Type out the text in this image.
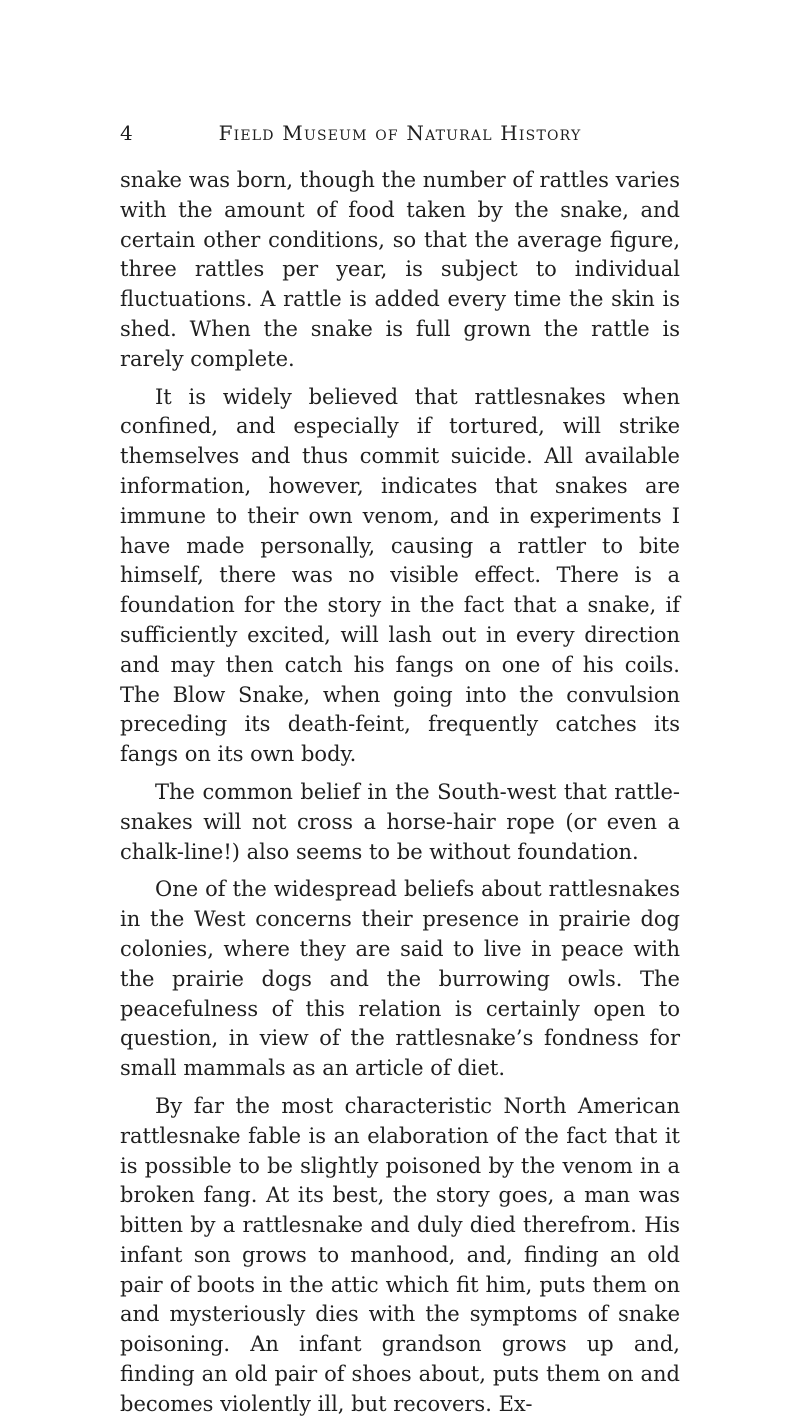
4	Field Museum of Natural History

snake was born, though the number of rattles varies with the amount of food taken by the snake, and certain other conditions, so that the average figure, three rattles per year, is subject to individual fluctuations. A rattle is added every time the skin is shed. When the snake is full grown the rattle is rarely complete.

It is widely believed that rattlesnakes when confined, and especially if tortured, will strike themselves and thus commit suicide. All available information, however, indicates that snakes are immune to their own venom, and in experiments I have made personally, causing a rattler to bite himself, there was no visible effect. There is a foundation for the story in the fact that a snake, if sufficiently excited, will lash out in every direction and may then catch his fangs on one of his coils. The Blow Snake, when going into the convulsion preceding its death-feint, frequently catches its fangs on its own body.

The common belief in the South-west that rattlesnakes will not cross a horse-hair rope (or even a chalk-line!) also seems to be without foundation.

One of the widespread beliefs about rattlesnakes in the West concerns their presence in prairie dog colonies, where they are said to live in peace with the prairie dogs and the burrowing owls. The peacefulness of this relation is certainly open to question, in view of the rattlesnake’s fondness for small mammals as an article of diet.

By far the most characteristic North American rattlesnake fable is an elaboration of the fact that it is possible to be slightly poisoned by the venom in a broken fang. At its best, the story goes, a man was bitten by a rattlesnake and duly died therefrom. His infant son grows to manhood, and, finding an old pair of boots in the attic which fit him, puts them on and mysteriously dies with the symptoms of snake poisoning. An infant grandson grows up and, finding an old pair of shoes about, puts them on and becomes violently ill, but recovers. Ex-
